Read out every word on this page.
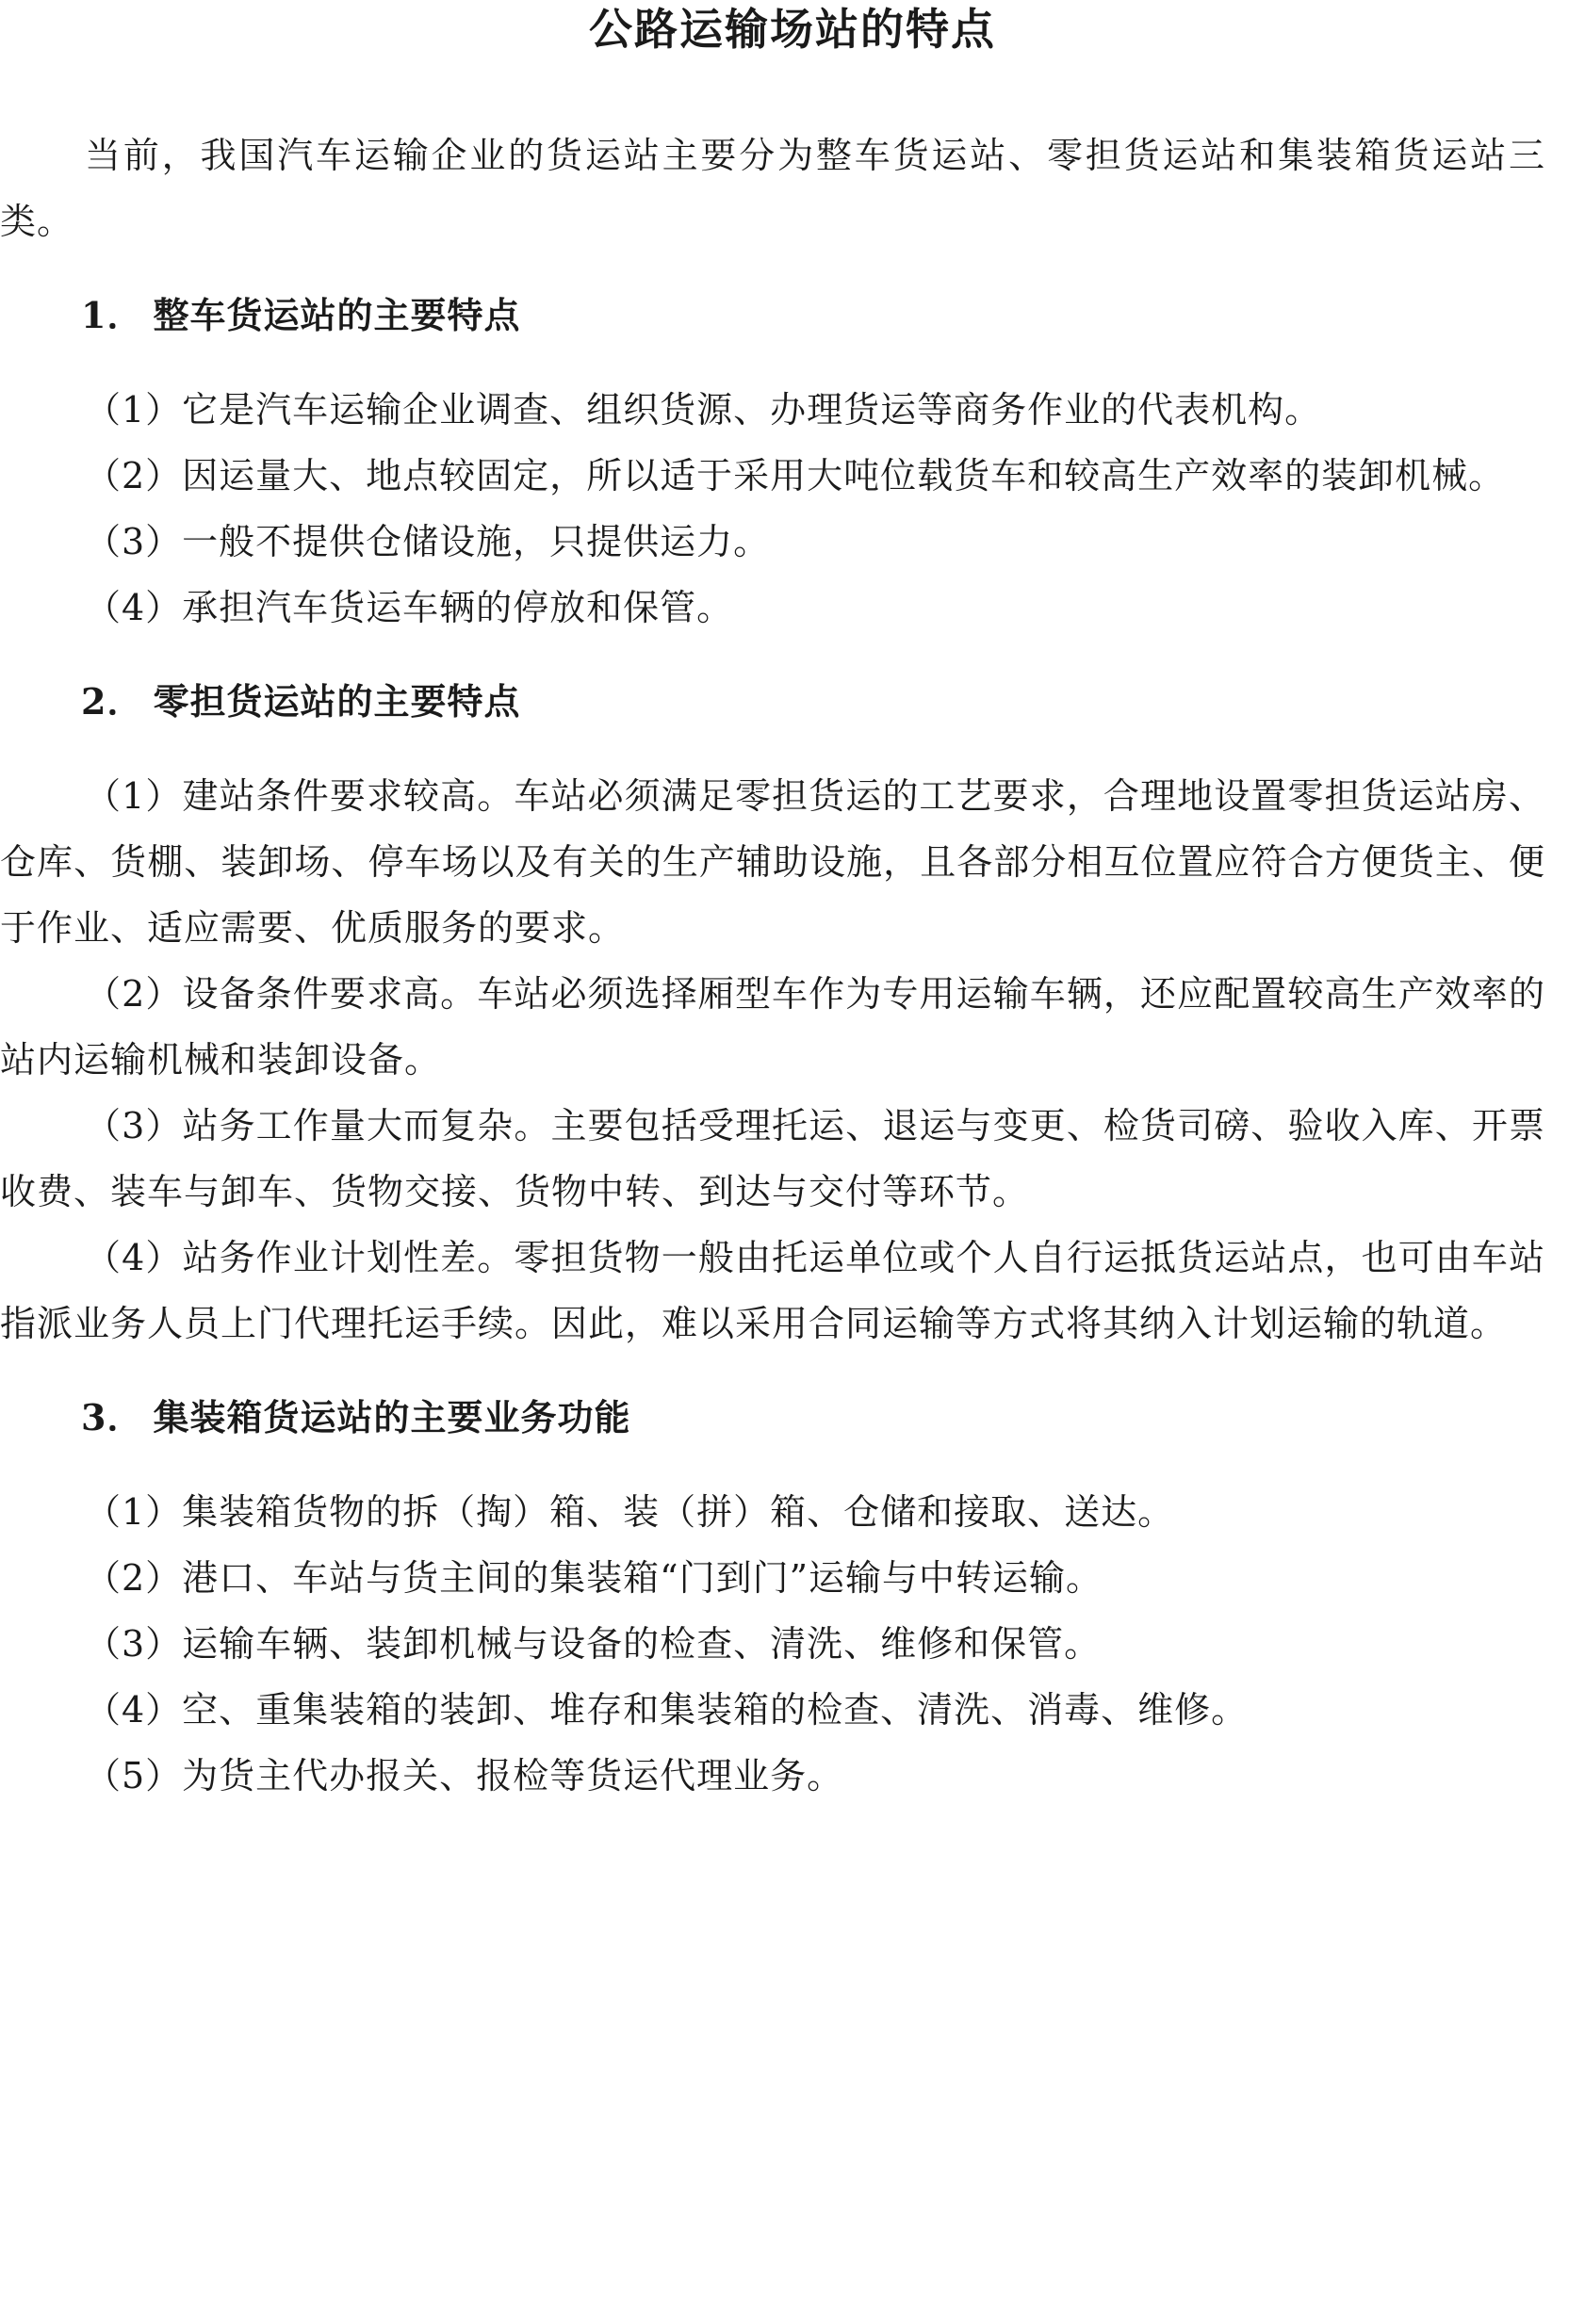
公路运输场站的特点

当前，我国汽车运输企业的货运站主要分为整车货运站、零担货运站和集装箱货运站三类。

1． 整车货运站的主要特点

（1）它是汽车运输企业调查、组织货源、办理货运等商务作业的代表机构。

（2）因运量大、地点较固定，所以适于采用大吨位载货车和较高生产效率的装卸机械。

（3）一般不提供仓储设施，只提供运力。

（4）承担汽车货运车辆的停放和保管。

2． 零担货运站的主要特点

（1）建站条件要求较高。车站必须满足零担货运的工艺要求，合理地设置零担货运站房、仓库、货棚、装卸场、停车场以及有关的生产辅助设施，且各部分相互位置应符合方便货主、便于作业、适应需要、优质服务的要求。

（2）设备条件要求高。车站必须选择厢型车作为专用运输车辆，还应配置较高生产效率的站内运输机械和装卸设备。

（3）站务工作量大而复杂。主要包括受理托运、退运与变更、检货司磅、验收入库、开票收费、装车与卸车、货物交接、货物中转、到达与交付等环节。

（4）站务作业计划性差。零担货物一般由托运单位或个人自行运抵货运站点，也可由车站指派业务人员上门代理托运手续。因此，难以采用合同运输等方式将其纳入计划运输的轨道。

3． 集装箱货运站的主要业务功能

（1）集装箱货物的拆（掏）箱、装（拼）箱、仓储和接取、送达。

（2）港口、车站与货主间的集装箱“门到门”运输与中转运输。

（3）运输车辆、装卸机械与设备的检查、清洗、维修和保管。

（4）空、重集装箱的装卸、堆存和集装箱的检查、清洗、消毒、维修。

（5）为货主代办报关、报检等货运代理业务。
